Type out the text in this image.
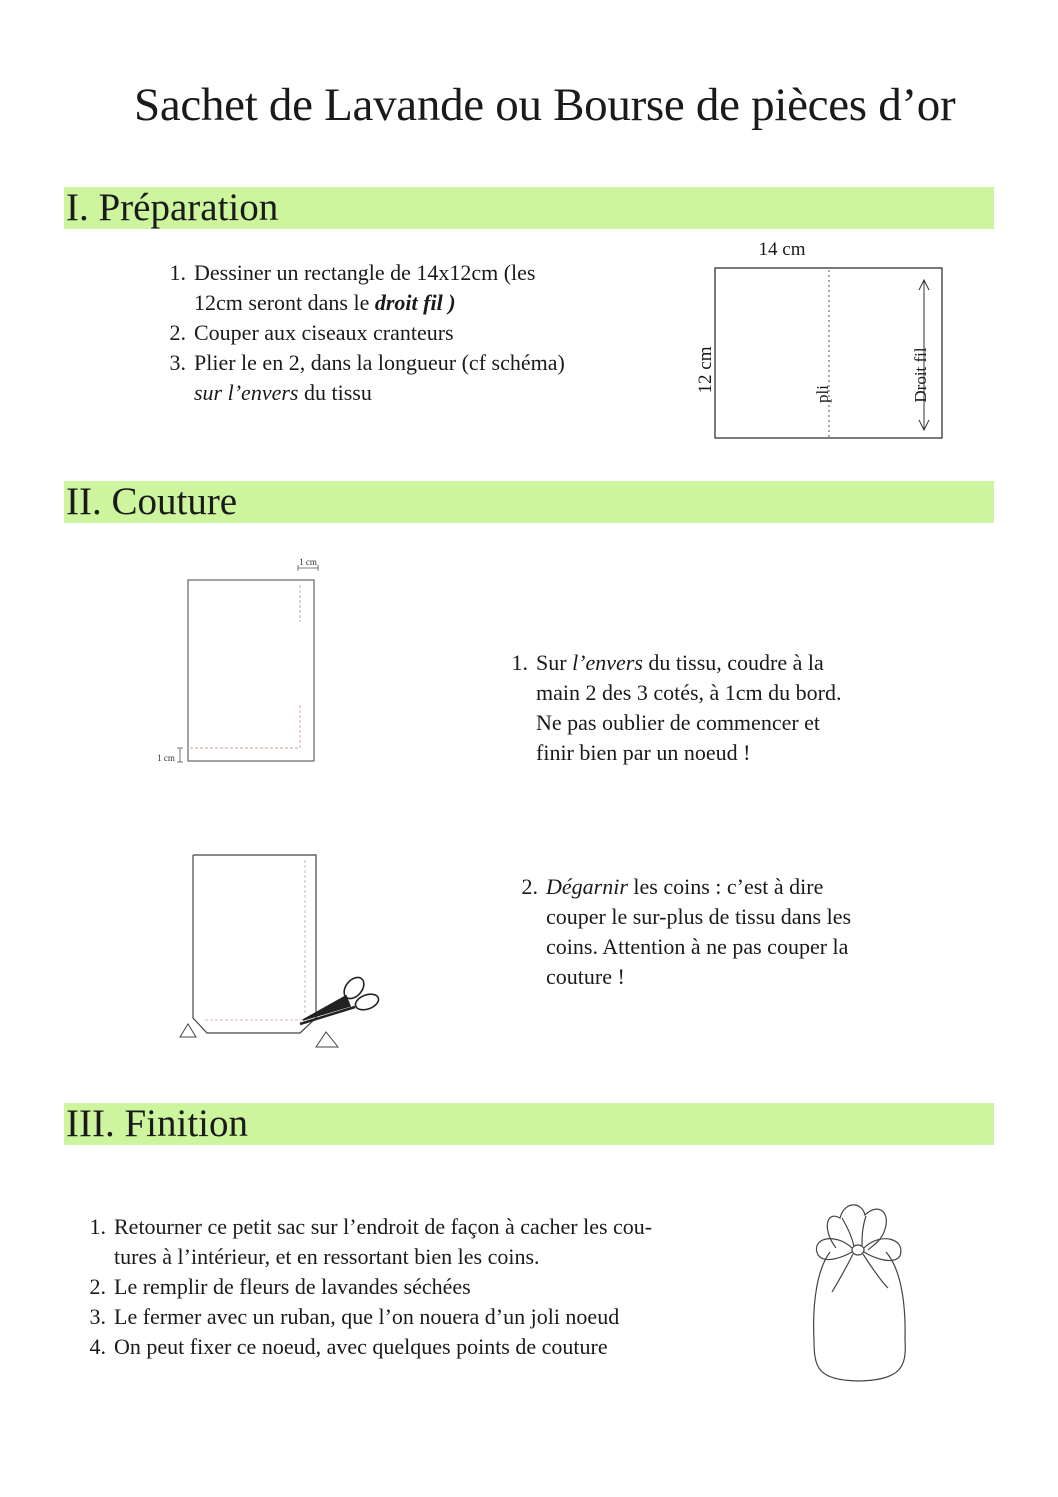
Sachet de Lavande ou Bourse de pièces d’or
I. Préparation
1. Dessiner un rectangle de 14x12cm (les
12cm seront dans le droit fil )
2. Couper aux ciseaux cranteurs
3. Plier le en 2, dans la longueur (cf schéma)
sur l’envers du tissu
14 cm
12 cm
pli	Droit fil
II. Couture
1 cm
1 cm
1. Sur l’envers du tissu, coudre à la
main 2 des 3 cotés, à 1cm du bord.
Ne pas oublier de commencer et
finir bien par un noeud !
2. Dégarnir les coins : c’est à dire
couper le sur-plus de tissu dans les
coins. Attention à ne pas couper la
couture !
III. Finition
1. Retourner ce petit sac sur l’endroit de façon à cacher les cou-
tures à l’intérieur, et en ressortant bien les coins.
2. Le remplir de fleurs de lavandes séchées
3. Le fermer avec un ruban, que l’on nouera d’un joli noeud
4. On peut fixer ce noeud, avec quelques points de couture
